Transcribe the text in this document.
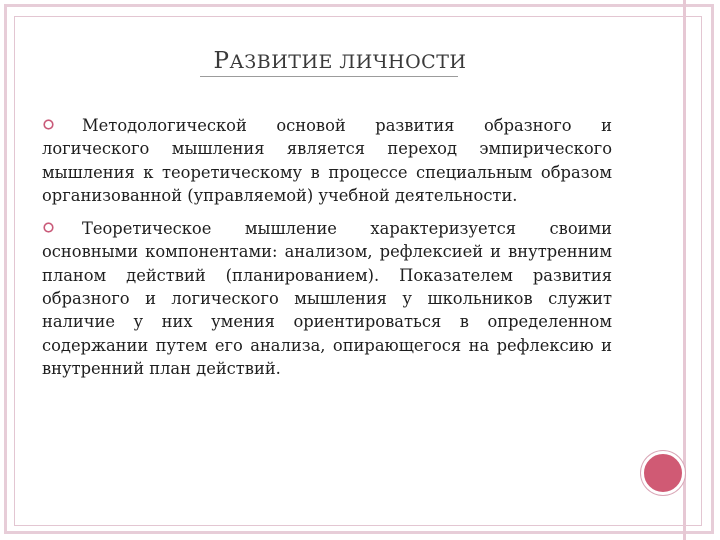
РАЗВИТИЕ ЛИЧНОСТИ
Методологической основой развития образного и логического мышления является переход эмпирического мышления к теоретическому в процессе специальным образом организованной (управляемой) учебной деятельности.
Теоретическое мышление характеризуется своими основными компонентами: анализом, рефлексией и внутренним планом действий (планированием). Показателем развития образного и логического мышления у школьников служит наличие у них умения ориентироваться в определенном содержании путем его анализа, опирающегося на рефлексию и внутренний план действий.
